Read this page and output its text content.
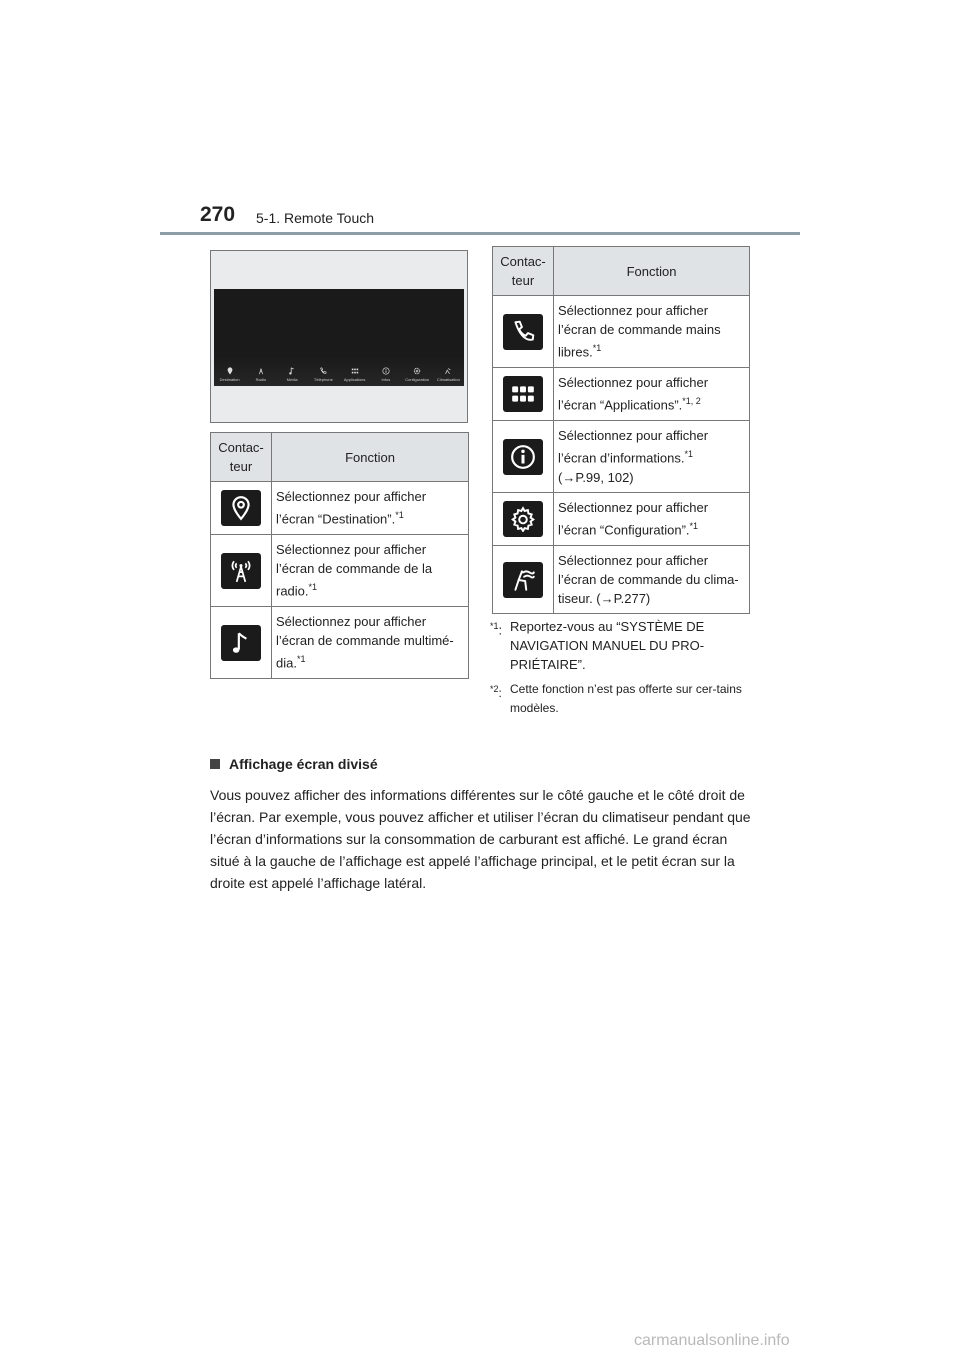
270 5-1. Remote Touch
Destination	Radio	Media	Téléphone	Applications	Infos	Configuration Climatisation
Contac-teur	Fonction

	Sélectionnez pour afficher l’écran “Destination”.$^{*1}$

	Sélectionnez pour afficher l’écran de commande de la radio.$^{*1}$

	Sélectionnez pour afficher l’écran de commande multimé-dia.$^{*1}$
Contac-teur	Fonction

	Sélectionnez pour afficher l’écran de commande mains libres.$^{*1}$

	Sélectionnez pour afficher l’écran “Applications”.$^{*1, 2}$

	Sélectionnez pour afficher l’écran d’informations.$^{*1}$
(→P.99, 102)

	Sélectionnez pour afficher l’écran “Configuration”.$^{*1}$

	Sélectionnez pour afficher l’écran de commande du clima-tiseur. (→P.277)
$^{*1}$: Reportez-vous au “SYSTÈME DE NAVIGATION MANUEL DU PRO-PRIÉTAIRE”.
$^{*2}$: Cette fonction n’est pas offerte sur cer-tains modèles.
Affichage écran divisé
Vous pouvez afficher des informations différentes sur le côté gauche et le côté droit de l’écran. Par exemple, vous pouvez afficher et utiliser l’écran du climatiseur pendant que l’écran d’informations sur la consommation de carburant est affiché. Le grand écran situé à la gauche de l’affichage est appelé l’affichage principal, et le petit écran sur la droite est appelé l’affichage latéral.
carmanualsonline.info
